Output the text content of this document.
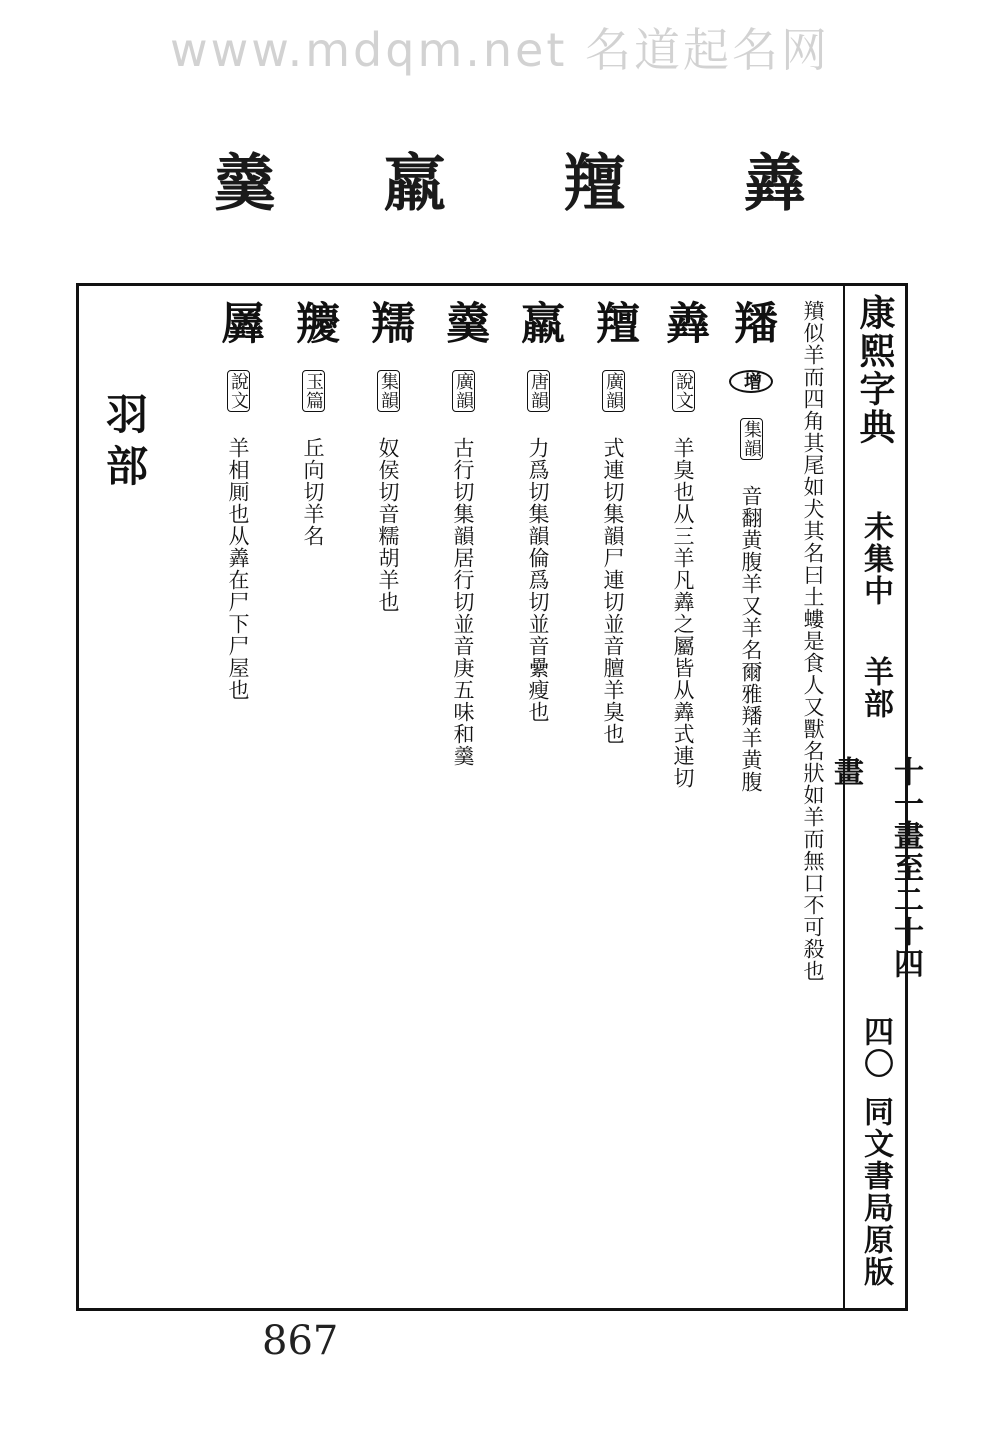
www.mdqm.net 名道起名网
羴
羶
羸
羹
康熙字典
未集中
羊部
十一畫至二十四畫
四〇
同文書局原版
羵似羊而四角其尾如犬其名曰土螻是食人又獸名狀如羊而無口不可殺也
羳 增 集韻 音翻黄腹羊又羊名爾雅羳羊黄腹
羴 說文 羊臭也从三羊凡羴之屬皆从羴式連切
羶 廣韻 式連切集韻尸連切並音膻羊臭也
羸 唐韻 力爲切集韻倫爲切並音纍瘦也
羹 廣韻 古行切集韻居行切並音庚五味和羹
羺 集韻 奴侯切音糯胡羊也
羻 玉篇 丘向切羊名
羼 說文 羊相厠也从羴在尸下尸屋也
羽部
867
